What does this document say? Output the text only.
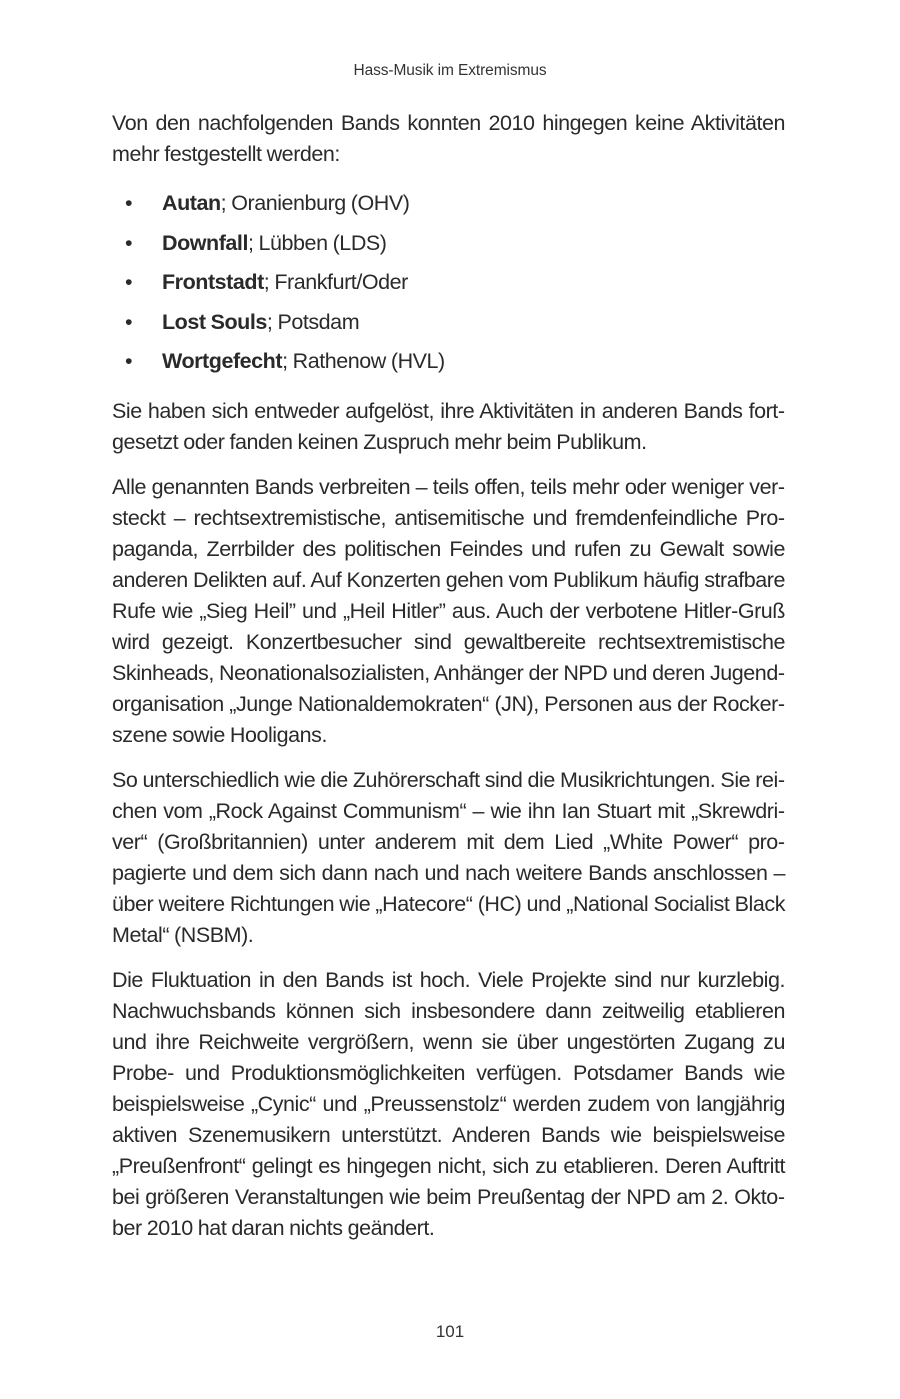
Hass-Musik im Extremismus

Von den nachfolgenden Bands konnten 2010 hingegen keine Aktivitäten mehr festgestellt werden:

• Autan; Oranienburg (OHV)
• Downfall; Lübben (LDS)
• Frontstadt; Frankfurt/Oder
• Lost Souls; Potsdam
• Wortgefecht; Rathenow (HVL)

Sie haben sich entweder aufgelöst, ihre Aktivitäten in anderen Bands fortgesetzt oder fanden keinen Zuspruch mehr beim Publikum.

Alle genannten Bands verbreiten – teils offen, teils mehr oder weniger versteckt – rechtsextremistische, antisemitische und fremdenfeindliche Propaganda, Zerrbilder des politischen Feindes und rufen zu Gewalt sowie anderen Delikten auf. Auf Konzerten gehen vom Publikum häufig strafbare Rufe wie „Sieg Heil” und „Heil Hitler” aus. Auch der verbotene Hitler-Gruß wird gezeigt. Konzertbesucher sind gewaltbereite rechtsextremistische Skinheads, Neonationalsozialisten, Anhänger der NPD und deren Jugendorganisation „Junge Nationaldemokraten“ (JN), Personen aus der Rockerszene sowie Hooligans.

So unterschiedlich wie die Zuhörerschaft sind die Musikrichtungen. Sie reichen vom „Rock Against Communism“ – wie ihn Ian Stuart mit „Skrewdriver“ (Großbritannien) unter anderem mit dem Lied „White Power“ propagierte und dem sich dann nach und nach weitere Bands anschlossen – über weitere Richtungen wie „Hatecore“ (HC) und „National Socialist Black Metal“ (NSBM).

Die Fluktuation in den Bands ist hoch. Viele Projekte sind nur kurzlebig. Nachwuchsbands können sich insbesondere dann zeitweilig etablieren und ihre Reichweite vergrößern, wenn sie über ungestörten Zugang zu Probe- und Produktionsmöglichkeiten verfügen. Potsdamer Bands wie beispielsweise „Cynic“ und „Preussenstolz“ werden zudem von langjährig aktiven Szenemusikern unterstützt. Anderen Bands wie beispielsweise „Preußenfront“ gelingt es hingegen nicht, sich zu etablieren. Deren Auftritt bei größeren Veranstaltungen wie beim Preußentag der NPD am 2. Oktober 2010 hat daran nichts geändert.

101
